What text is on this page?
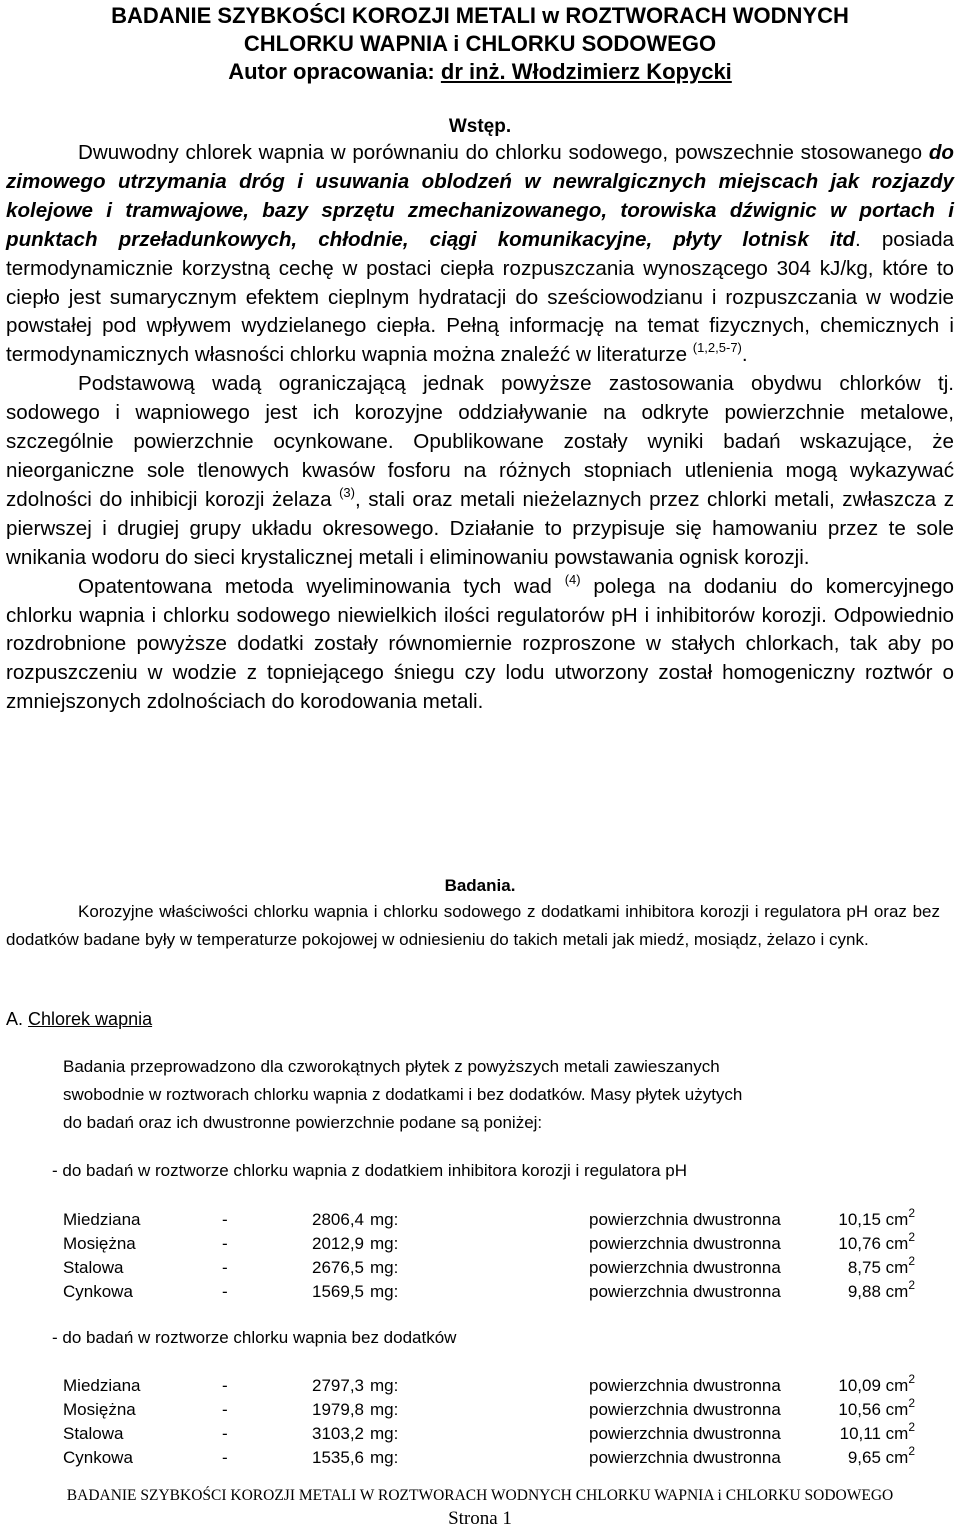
BADANIE SZYBKOŚCI KOROZJI METALI w ROZTWORACH WODNYCH
CHLORKU WAPNIA i CHLORKU SODOWEGO
Autor opracowania: dr inż. Włodzimierz Kopycki
Wstęp.

Dwuwodny chlorek wapnia w porównaniu do chlorku sodowego, powszechnie stosowanego do zimowego utrzymania dróg i usuwania oblodzeń w newralgicznych miejscach jak rozjazdy kolejowe i tramwajowe, bazy sprzętu zmechanizowanego, torowiska dźwignic w portach i punktach przeładunkowych, chłodnie, ciągi komunikacyjne, płyty lotnisk itd. posiada termodynamicznie korzystną cechę w postaci ciepła rozpuszczania wynoszącego 304 kJ/kg, które to ciepło jest sumarycznym efektem cieplnym hydratacji do sześciowodzianu i rozpuszczania w wodzie powstałej pod wpływem wydzielanego ciepła. Pełną informację na temat fizycznych, chemicznych i termodynamicznych własności chlorku wapnia można znaleźć w literaturze $^{(1,2,5-7)}$.

Podstawową wadą ograniczającą jednak powyższe zastosowania obydwu chlorków tj. sodowego i wapniowego jest ich korozyjne oddziaływanie na odkryte powierzchnie metalowe, szczególnie powierzchnie ocynkowane. Opublikowane zostały wyniki badań wskazujące, że nieorganiczne sole tlenowych kwasów fosforu na różnych stopniach utlenienia mogą wykazywać zdolności do inhibicji korozji żelaza $^{(3)}$, stali oraz metali nieżelaznych przez chlorki metali, zwłaszcza z pierwszej i drugiej grupy układu okresowego. Działanie to przypisuje się hamowaniu przez te sole wnikania wodoru do sieci krystalicznej metali i eliminowaniu powstawania ognisk korozji.

Opatentowana metoda wyeliminowania tych wad $^{(4)}$ polega na dodaniu do komercyjnego chlorku wapnia i chlorku sodowego niewielkich ilości regulatorów pH i inhibitorów korozji. Odpowiednio rozdrobnione powyższe dodatki zostały równomiernie rozproszone w stałych chlorkach, tak aby po rozpuszczeniu w wodzie z topniejącego śniegu czy lodu utworzony został homogeniczny roztwór o zmniejszonych zdolnościach do korodowania metali.

Badania.

Korozyjne właściwości chlorku wapnia i chlorku sodowego z dodatkami inhibitora korozji i regulatora pH oraz bez dodatków badane były w temperaturze pokojowej w odniesieniu do takich metali jak miedź, mosiądz, żelazo i cynk.

A. Chlorek wapnia
Badania przeprowadzono dla czworokątnych płytek z powyższych metali zawieszanych
swobodnie w roztworach chlorku wapnia z dodatkami i bez dodatków. Masy płytek użytych
do badań oraz ich dwustronne powierzchnie podane są poniżej:
- do badań w roztworze chlorku wapnia z dodatkiem inhibitora korozji i regulatora pH
Miedziana	-	2806,4 mg:	powierzchnia dwustronna	10,15 $cm^2$
Mosiężna	-	2012,9 mg:	powierzchnia dwustronna	10,76 $cm^2$
Stalowa	-	2676,5 mg:	powierzchnia dwustronna	8,75 $cm^2$
Cynkowa	-	1569,5 mg:	powierzchnia dwustronna	9,88 $cm^2$
- do badań w roztworze chlorku wapnia bez dodatków
Miedziana	-	2797,3 mg:	powierzchnia dwustronna	10,09 $cm^2$
Mosiężna	-	1979,8 mg:	powierzchnia dwustronna	10,56 $cm^2$
Stalowa	-	3103,2 mg:	powierzchnia dwustronna	10,11 $cm^2$
Cynkowa	-	1535,6 mg:	powierzchnia dwustronna	9,65 $cm^2$
BADANIE SZYBKOŚCI KOROZJI METALI W ROZTWORACH WODNYCH CHLORKU WAPNIA i CHLORKU SODOWEGO
Strona 1
